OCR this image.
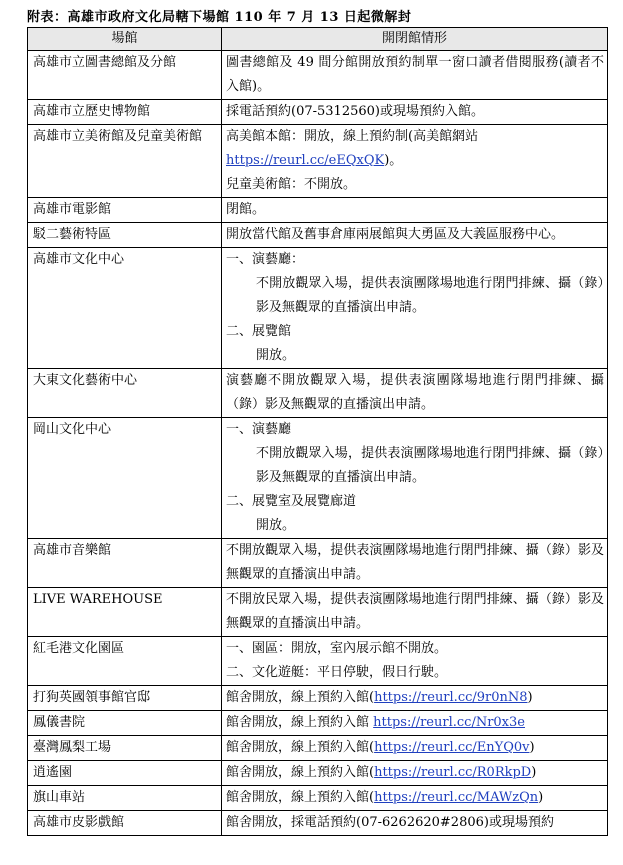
附表：高雄市政府文化局轄下場館 110 年 7 月 13 日起微解封
場館	開閉館情形
高雄市立圖書總館及分館	圖書總館及 49 間分館開放預約制單一窗口讀者借閱服務(讀者不入館)。

高雄市立歷史博物館	採電話預約(07-5312560)或現場預約入館。

高雄市立美術館及兒童美術館	高美館本館：開放，線上預約制(高美館網站
https://reurl.cc/eEQxQK)。
兒童美術館：不開放。

高雄市電影館	閉館。

駁二藝術特區	開放當代館及舊事倉庫兩展館與大勇區及大義區服務中心。

高雄市文化中心	一、演藝廳：
不開放觀眾入場，提供表演團隊場地進行閉門排練、攝（錄）影及無觀眾的直播演出申請。
二、展覽館
開放。

大東文化藝術中心	演藝廳不開放觀眾入場，提供表演團隊場地進行閉門排練、攝（錄）影及無觀眾的直播演出申請。

岡山文化中心	一、演藝廳
不開放觀眾入場，提供表演團隊場地進行閉門排練、攝（錄）影及無觀眾的直播演出申請。
二、展覽室及展覽廊道
開放。

高雄市音樂館	不開放觀眾入場，提供表演團隊場地進行閉門排練、攝（錄）影及無觀眾的直播演出申請。

LIVE WAREHOUSE	不開放民眾入場，提供表演團隊場地進行閉門排練、攝（錄）影及無觀眾的直播演出申請。

紅毛港文化園區	一、園區：開放，室內展示館不開放。
二、文化遊艇：平日停駛，假日行駛。

打狗英國領事館官邸	館舍開放，線上預約入館(https://reurl.cc/9r0nN8)

鳳儀書院	館舍開放，線上預約入館 https://reurl.cc/Nr0x3e

臺灣鳳梨工場	館舍開放，線上預約入館(https://reurl.cc/EnYQ0v)

逍遙園	館舍開放，線上預約入館(https://reurl.cc/R0RkpD)

旗山車站	館舍開放，線上預約入館(https://reurl.cc/MAWzQn)

高雄市皮影戲館	館舍開放，採電話預約(07-6262620#2806)或現場預約
